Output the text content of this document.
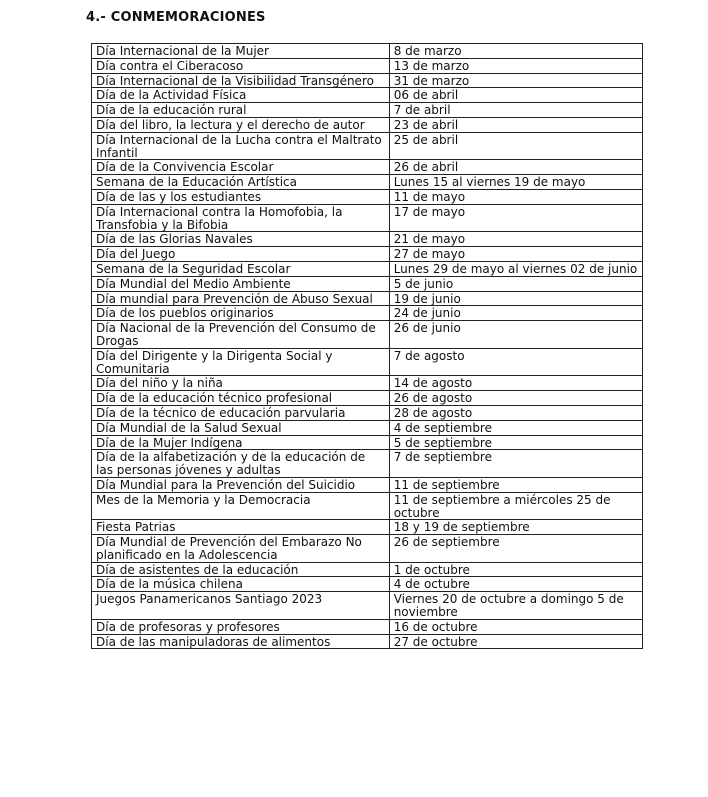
4.- CONMEMORACIONES
Día Internacional de la Mujer	8 de marzo
Día contra el Ciberacoso	13 de marzo
Día Internacional de la Visibilidad Transgénero	31 de marzo
Día de la Actividad Física	06 de abril
Día de la educación rural	7 de abril
Día del libro, la lectura y el derecho de autor	23 de abril
Día Internacional de la Lucha contra el Maltrato Infantil	25 de abril
Día de la Convivencia Escolar	26 de abril
Semana de la Educación Artística	Lunes 15 al viernes 19 de mayo
Día de las y los estudiantes	11 de mayo
Día Internacional contra la Homofobia, la Transfobia y la Bifobia	17 de mayo
Día de las Glorias Navales	21 de mayo
Día del Juego	27 de mayo
Semana de la Seguridad Escolar	Lunes 29 de mayo al viernes 02 de junio
Día Mundial del Medio Ambiente	5 de junio
Día mundial para Prevención de Abuso Sexual	19 de junio
Día de los pueblos originarios	24 de junio
Día Nacional de la Prevención del Consumo de Drogas	26 de junio
Día del Dirigente y la Dirigenta Social y Comunitaria	7 de agosto
Día del niño y la niña	14 de agosto
Día de la educación técnico profesional	26 de agosto
Día de la técnico de educación parvularia	28 de agosto
Día Mundial de la Salud Sexual	4 de septiembre
Día de la Mujer Indígena	5 de septiembre
Día de la alfabetización y de la educación de las personas jóvenes y adultas	7 de septiembre
Día Mundial para la Prevención del Suicidio	11 de septiembre
Mes de la Memoria y la Democracia	11 de septiembre a miércoles 25 de octubre
Fiesta Patrias	18 y 19 de septiembre
Día Mundial de Prevención del Embarazo No planificado en la Adolescencia	26 de septiembre
Día de asistentes de la educación	1 de octubre
Día de la música chilena	4 de octubre
Juegos Panamericanos Santiago 2023	Viernes 20 de octubre a domingo 5 de noviembre
Día de profesoras y profesores	16 de octubre
Día de las manipuladoras de alimentos	27 de octubre
